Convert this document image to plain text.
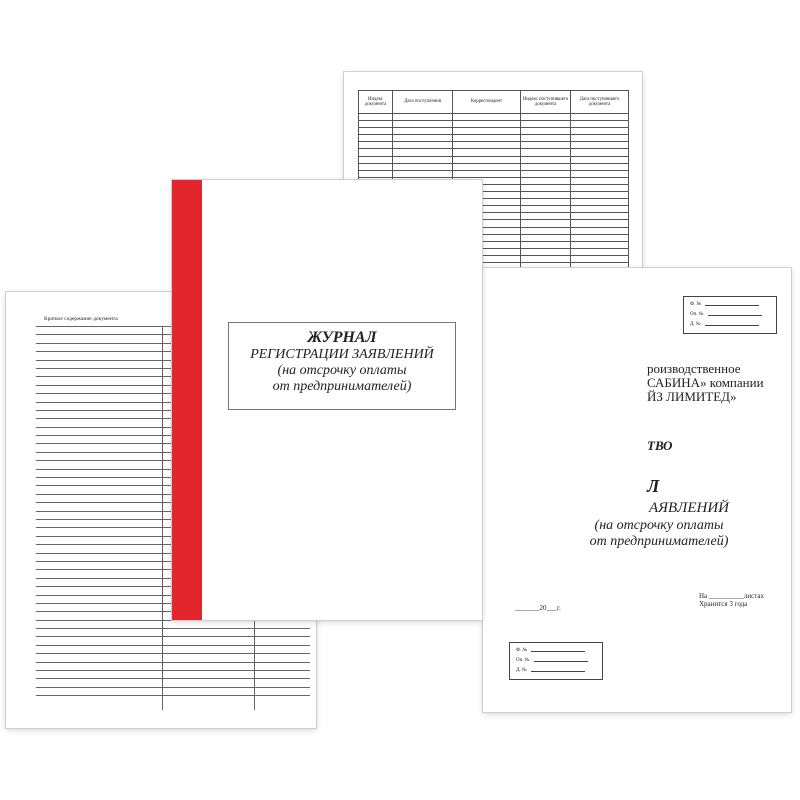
Индекс документа	Дата поступления	Корреспондент	Индекс поступившего документа	Дата поступившего документа

Краткое содержание документа
Ф. №
Оп. №
Д. №
роизводственное
САБИНА» компании
ЙЗ ЛИМИТЕД»
ТВО
Л
АЯВЛЕНИЙ
(на отсрочку оплаты
от предпринимателей)
_______20___г.
На __________листах
Хранится 3 года
Ф. №
Оп. №
Д. №
ЖУРНАЛ
РЕГИСТРАЦИИ ЗАЯВЛЕНИЙ
(на отсрочку оплаты
от предпринимателей)
